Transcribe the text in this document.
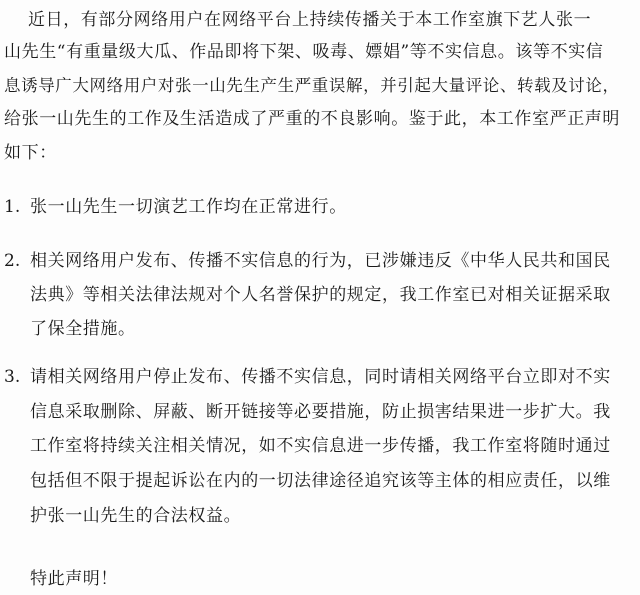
近日，有部分网络用户在网络平台上持续传播关于本工作室旗下艺人张一
山先生“有重量级大瓜、作品即将下架、吸毒、嫖娼”等不实信息。该等不实信
息诱导广大网络用户对张一山先生产生严重误解，并引起大量评论、转载及讨论，
给张一山先生的工作及生活造成了严重的不良影响。鉴于此，本工作室严正声明
如下：
1. 张一山先生一切演艺工作均在正常进行。
2. 相关网络用户发布、传播不实信息的行为，已涉嫌违反《中华人民共和国民
法典》等相关法律法规对个人名誉保护的规定，我工作室已对相关证据采取
了保全措施。
3. 请相关网络用户停止发布、传播不实信息，同时请相关网络平台立即对不实
信息采取删除、屏蔽、断开链接等必要措施，防止损害结果进一步扩大。我
工作室将持续关注相关情况，如不实信息进一步传播，我工作室将随时通过
包括但不限于提起诉讼在内的一切法律途径追究该等主体的相应责任，以维
护张一山先生的合法权益。
特此声明！
